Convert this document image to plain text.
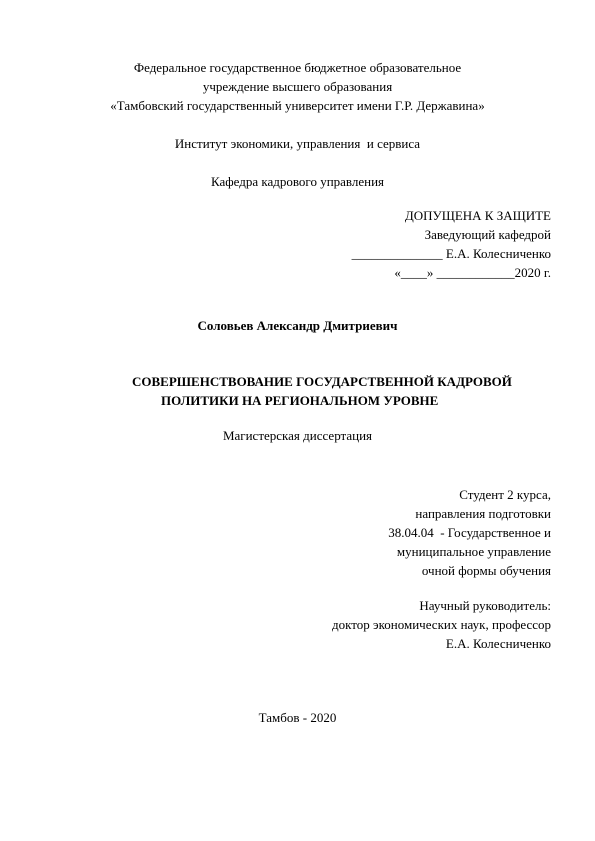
Федеральное государственное бюджетное образовательное
учреждение высшего образования
«Тамбовский государственный университет имени Г.Р. Державина»
Институт экономики, управления  и сервиса
Кафедра кадрового управления
ДОПУЩЕНА К ЗАЩИТЕ
Заведующий кафедрой
______________ Е.А. Колесниченко
«____» ____________2020 г.
Соловьев Александр Дмитриевич
СОВЕРШЕНСТВОВАНИЕ ГОСУДАРСТВЕННОЙ КАДРОВОЙ
ПОЛИТИКИ НА РЕГИОНАЛЬНОМ УРОВНЕ
Магистерская диссертация
Студент 2 курса,
направления подготовки
38.04.04  - Государственное и
муниципальное управление
очной формы обучения
Научный руководитель:
доктор экономических наук, профессор
Е.А. Колесниченко
Тамбов - 2020
